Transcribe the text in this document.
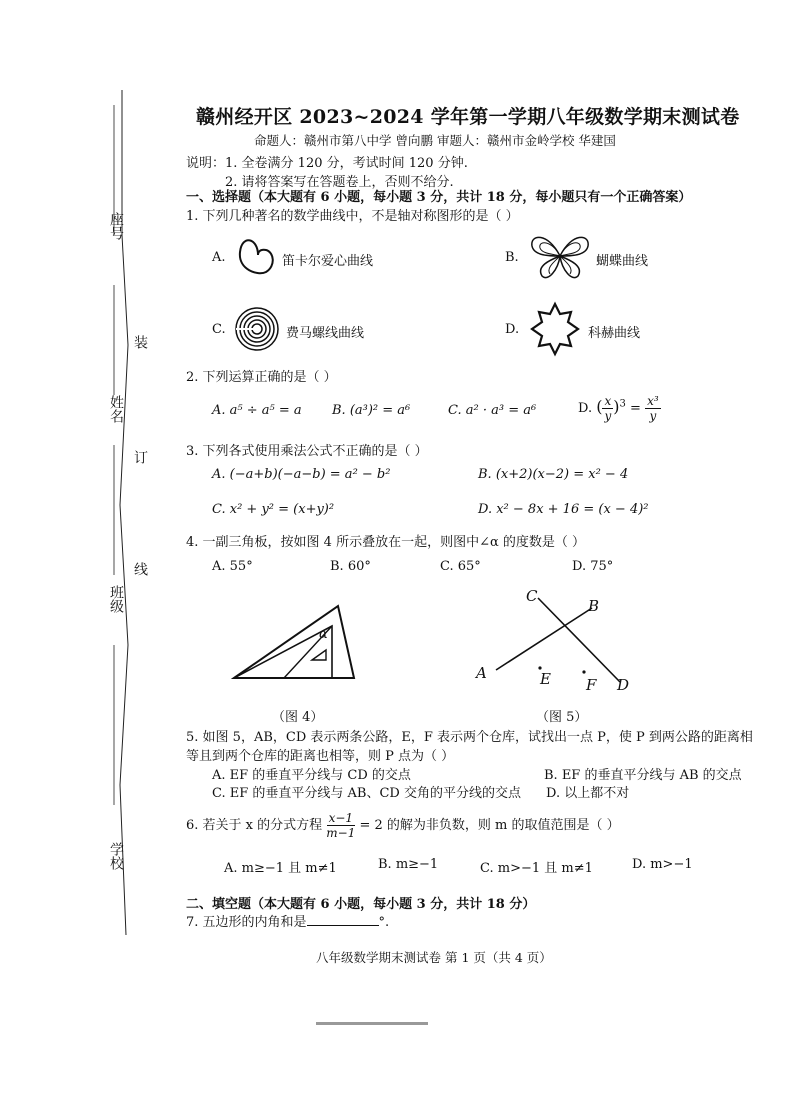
座号
姓名
班级
学校
装
订
线
赣州经开区 2023~2024 学年第一学期八年级数学期末测试卷
命题人：赣州市第八中学 曾向鹏 审题人：赣州市金岭学校 华建国
说明：1. 全卷满分 120 分，考试时间 120 分钟.
2. 请将答案写在答题卷上，否则不给分.
一、选择题（本大题有 6 小题，每小题 3 分，共计 18 分，每小题只有一个正确答案）
1. 下列几种著名的数学曲线中，不是轴对称图形的是（ ）
A.	笛卡尔爱心曲线	B.	蝴蝶曲线
C.	费马螺线曲线	D.	科赫曲线
2. 下列运算正确的是（ ）
A. a⁵ ÷ a⁵ = a B. (a³)² = a⁶	C. a² · a³ = a⁶	D. ( $\frac{x}{y} )^3 = \frac{\text{x³}}{y}$
3. 下列各式使用乘法公式不正确的是（ ）
A. (−a+b)(−a−b) = a² − b²	B. (x+2)(x−2) = x² − 4
C. x² + y² = (x+y)²	D. x² − 8x + 16 = (x − 4)²
4. 一副三角板，按如图 4 所示叠放在一起，则图中∠α 的度数是（ ）
A. 55°	B. 60°	C. 65°	D. 75°
α
（图 4）
A
B
C
D
E F
（图 5）
5. 如图 5，AB，CD 表示两条公路，E，F 表示两个仓库，试找出一点 P，使 P 到两公路的距离相
等且到两个仓库的距离也相等，则 P 点为（ ）
A. EF 的垂直平分线与 CD 的交点	B. EF 的垂直平分线与 AB 的交点
C. EF 的垂直平分线与 AB、CD 交角的平分线的交点 D. 以上都不对
6. 若关于 x 的分式方程 $\frac{x-1}{m-1} = 2$ 的解为非负数，则 m 的取值范围是（ ）
A. m≥−1 且 m≠1	B. m≥−1	C. m>−1 且 m≠1	D. m>−1
二、填空题（本大题有 6 小题，每小题 3 分，共计 18 分）
7. 五边形的内角和是	°.
八年级数学期末测试卷 第 1 页（共 4 页）
